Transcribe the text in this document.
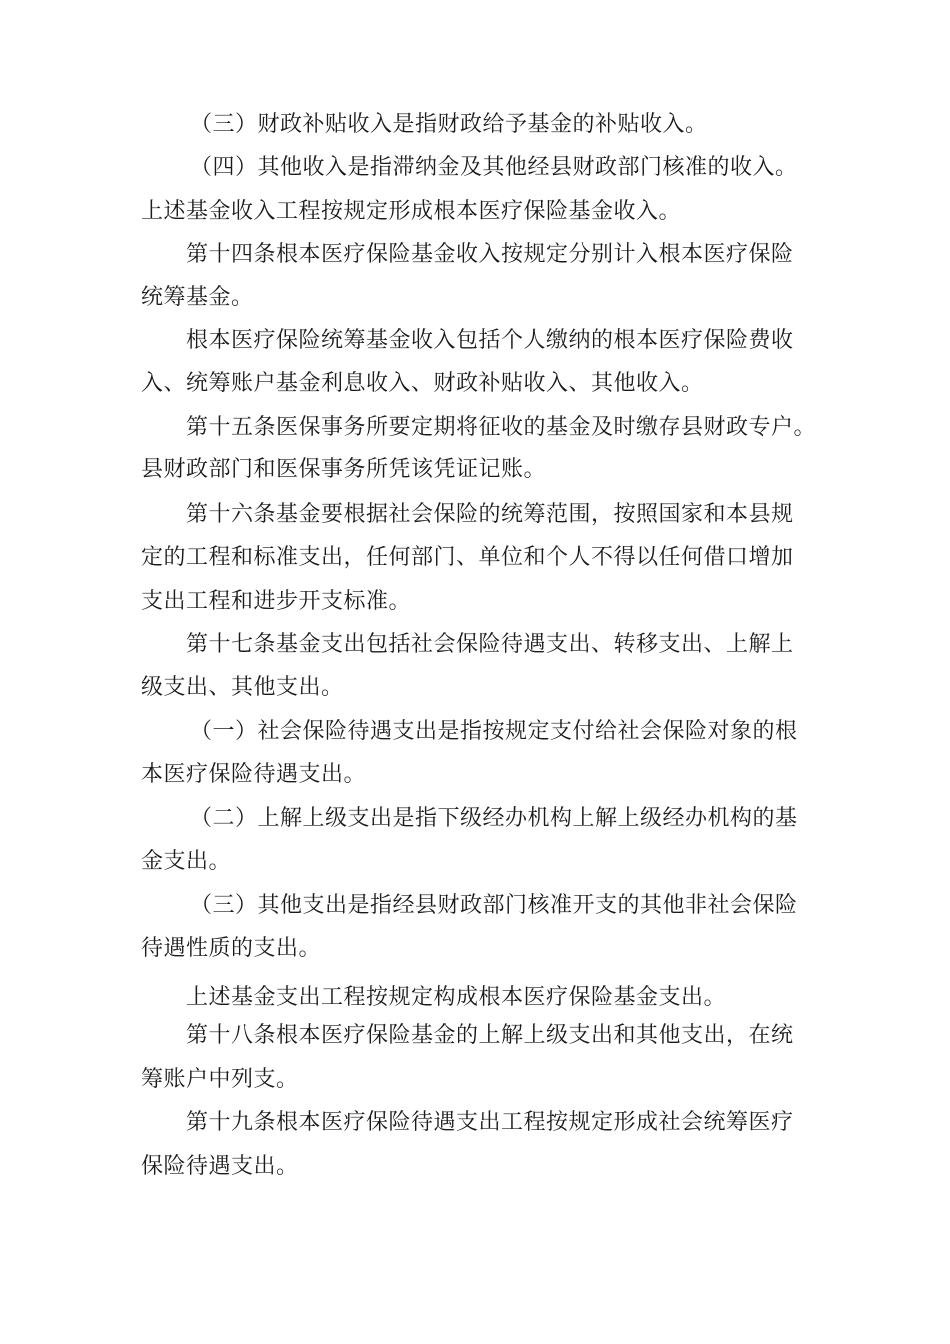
（三）财政补贴收入是指财政给予基金的补贴收入。
（四）其他收入是指滞纳金及其他经县财政部门核准的收入。
上述基金收入工程按规定形成根本医疗保险基金收入。
第十四条根本医疗保险基金收入按规定分别计入根本医疗保险
统筹基金。
根本医疗保险统筹基金收入包括个人缴纳的根本医疗保险费收
入、统筹账户基金利息收入、财政补贴收入、其他收入。
第十五条医保事务所要定期将征收的基金及时缴存县财政专户。
县财政部门和医保事务所凭该凭证记账。
第十六条基金要根据社会保险的统筹范围，按照国家和本县规
定的工程和标准支出，任何部门、单位和个人不得以任何借口增加
支出工程和进步开支标准。
第十七条基金支出包括社会保险待遇支出、转移支出、上解上
级支出、其他支出。
（一）社会保险待遇支出是指按规定支付给社会保险对象的根
本医疗保险待遇支出。
（二）上解上级支出是指下级经办机构上解上级经办机构的基
金支出。
（三）其他支出是指经县财政部门核准开支的其他非社会保险
待遇性质的支出。
上述基金支出工程按规定构成根本医疗保险基金支出。
第十八条根本医疗保险基金的上解上级支出和其他支出，在统
筹账户中列支。
第十九条根本医疗保险待遇支出工程按规定形成社会统筹医疗
保险待遇支出。
